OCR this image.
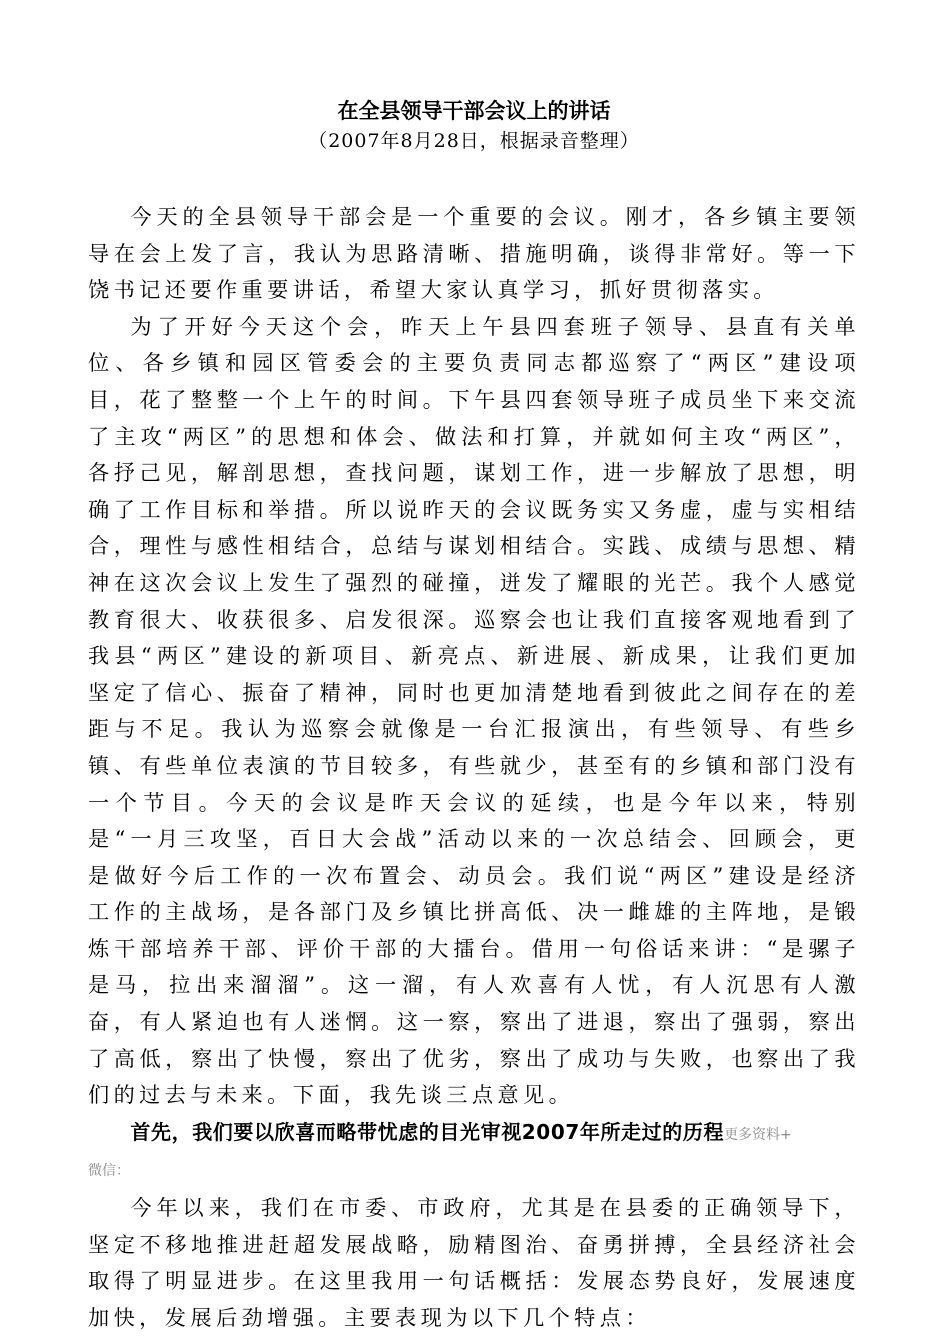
在全县领导干部会议上的讲话

（2007年8月28日，根据录音整理）

今天的全县领导干部会是一个重要的会议。刚才，各乡镇主要领导在会上发了言，我认为思路清晰、措施明确，谈得非常好。等一下饶书记还要作重要讲话，希望大家认真学习，抓好贯彻落实。

为了开好今天这个会，昨天上午县四套班子领导、县直有关单位、各乡镇和园区管委会的主要负责同志都巡察了“两区”建设项目，花了整整一个上午的时间。下午县四套领导班子成员坐下来交流了主攻“两区”的思想和体会、做法和打算，并就如何主攻“两区”，各抒己见，解剖思想，查找问题，谋划工作，进一步解放了思想，明确了工作目标和举措。所以说昨天的会议既务实又务虚，虚与实相结合，理性与感性相结合，总结与谋划相结合。实践、成绩与思想、精神在这次会议上发生了强烈的碰撞，迸发了耀眼的光芒。我个人感觉教育很大、收获很多、启发很深。巡察会也让我们直接客观地看到了我县“两区”建设的新项目、新亮点、新进展、新成果，让我们更加坚定了信心、振奋了精神，同时也更加清楚地看到彼此之间存在的差距与不足。我认为巡察会就像是一台汇报演出，有些领导、有些乡镇、有些单位表演的节目较多，有些就少，甚至有的乡镇和部门没有一个节目。今天的会议是昨天会议的延续，也是今年以来，特别是“一月三攻坚，百日大会战”活动以来的一次总结会、回顾会，更是做好今后工作的一次布置会、动员会。我们说“两区”建设是经济工作的主战场，是各部门及乡镇比拼高低、决一雌雄的主阵地，是锻炼干部培养干部、评价干部的大擂台。借用一句俗话来讲：“是骡子是马，拉出来溜溜”。这一溜，有人欢喜有人忧，有人沉思有人激奋，有人紧迫也有人迷惘。这一察，察出了进退，察出了强弱，察出了高低，察出了快慢，察出了优劣，察出了成功与失败，也察出了我们的过去与未来。下面，我先谈三点意见。

首先，我们要以欣喜而略带忧虑的目光审视2007年所走过的历程更多资料+

微信：

今年以来，我们在市委、市政府，尤其是在县委的正确领导下，坚定不移地推进赶超发展战略，励精图治、奋勇拼搏，全县经济社会取得了明显进步。在这里我用一句话概括：发展态势良好，发展速度加快，发展后劲增强。主要表现为以下几个特点：
